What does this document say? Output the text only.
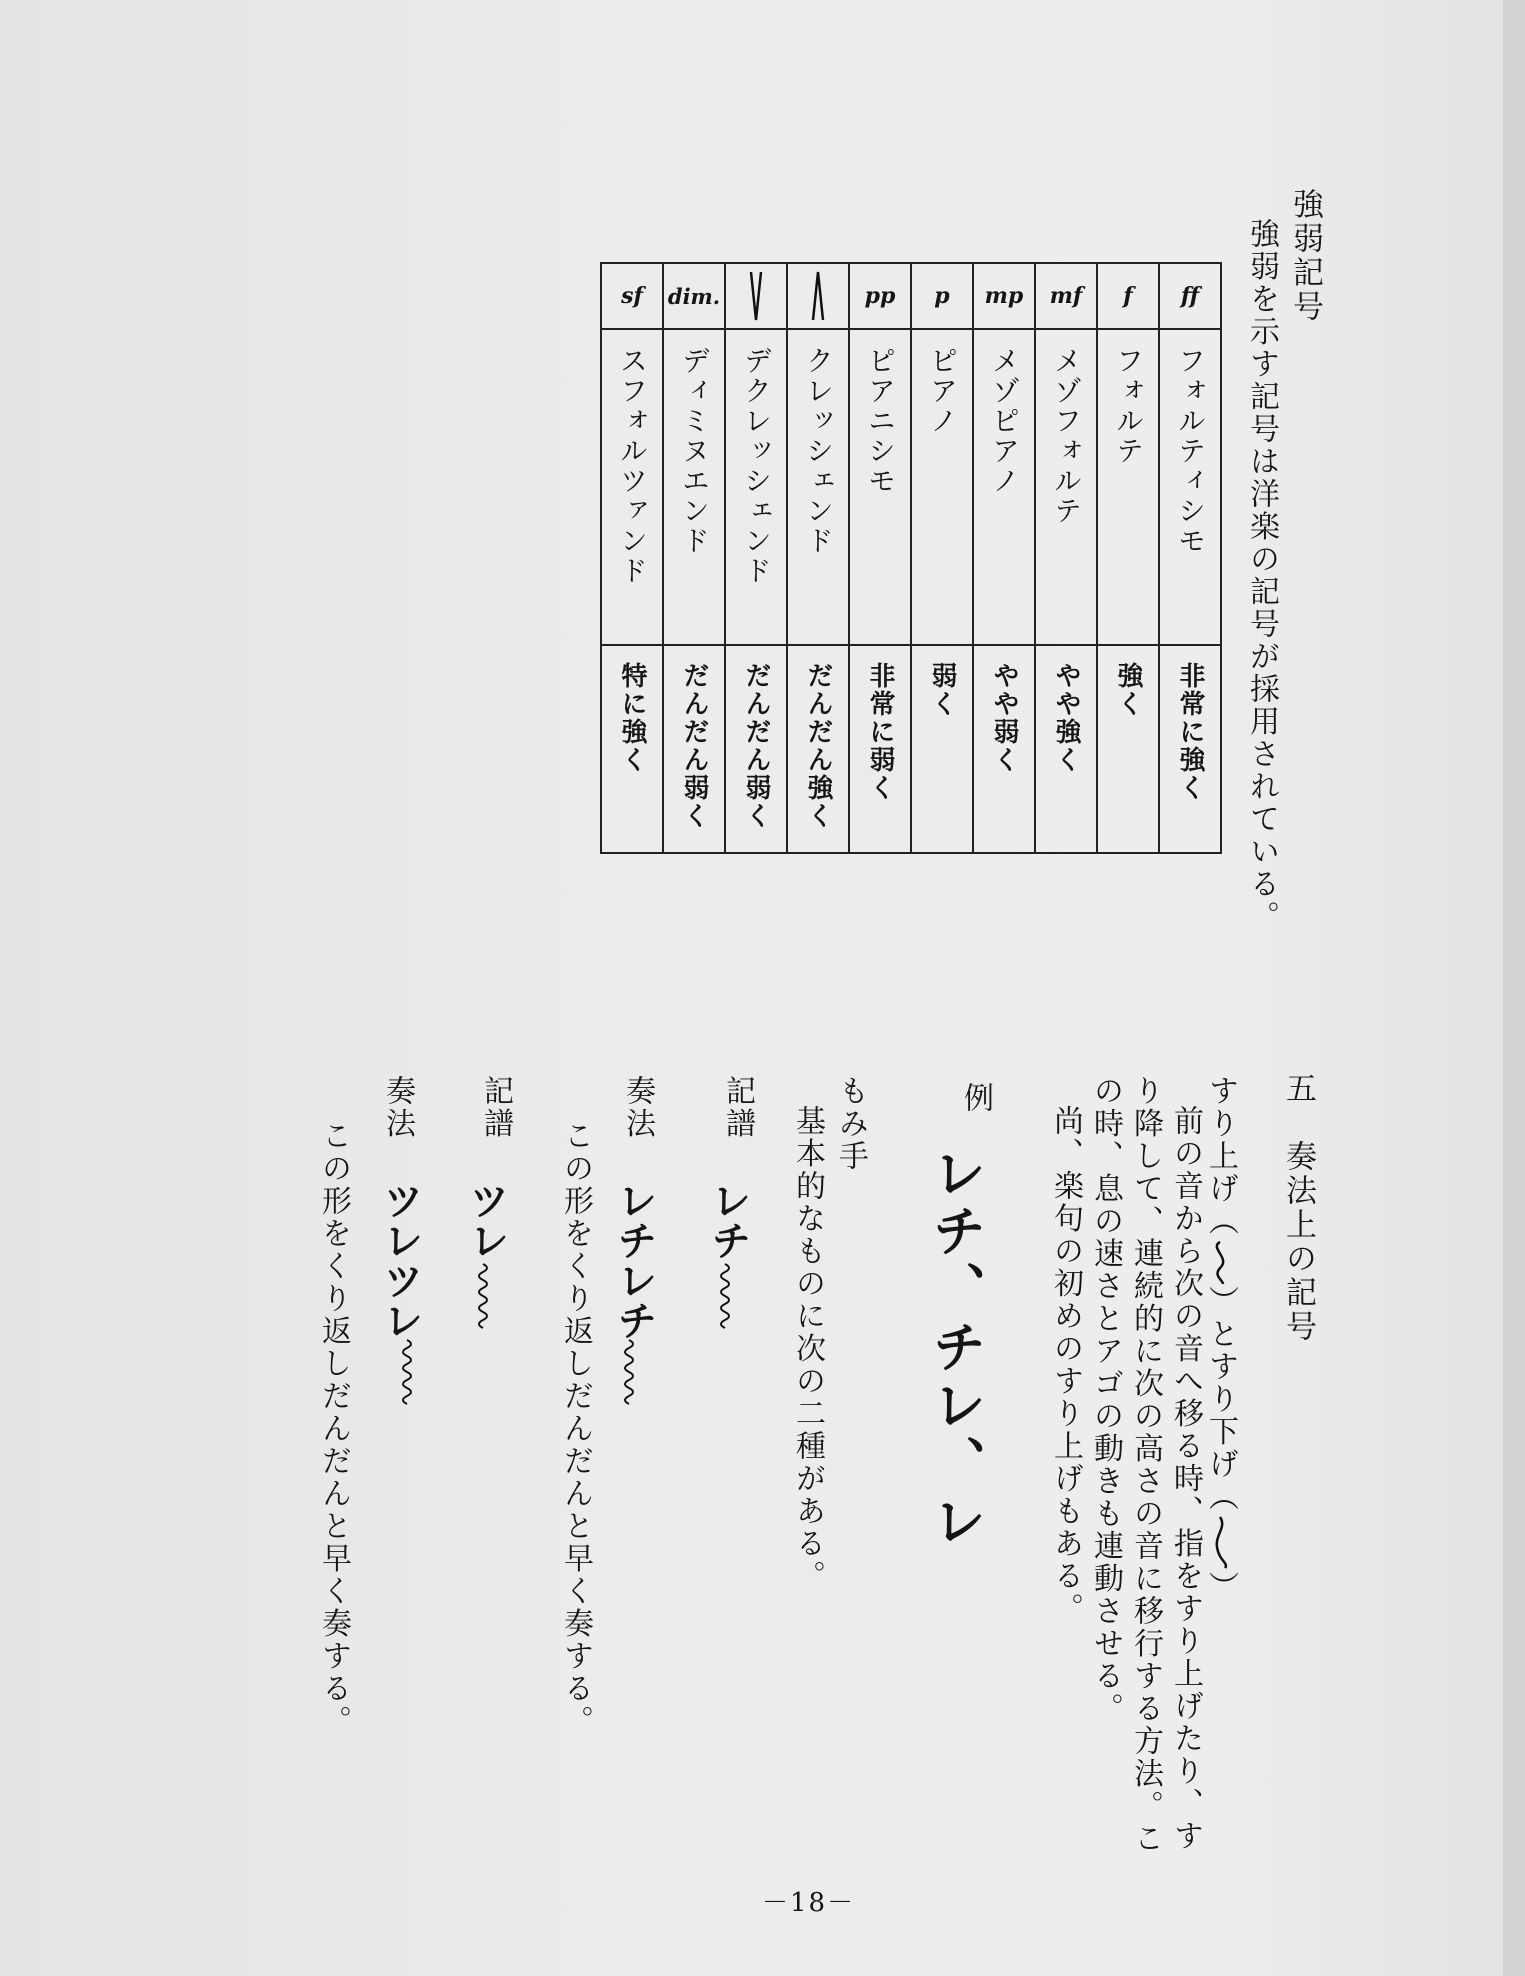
強弱記号
強弱を示す記号は洋楽の記号が採用されている。
sf	dim.			pp	p	mp	mf	f	ff
スフォルツァンド	ディミヌエンド	デクレッシェンド	クレッシェンド	ピアニシモ	ピアノ	メゾピアノ	メゾフォルテ	フォルテ	フォルティシモ
特に強く	だんだん弱く	だんだん弱く	だんだん強く	非常に弱く	弱く	やや弱く	やや強く	強く	非常に強く
五　奏法上の記号
すり上げ（）とすり下げ（）
前の音から次の音へ移る時、指をすり上げたり、す
り降して、連続的に次の高さの音に移行する方法。こ
の時、息の速さとアゴの動きも連動させる。
尚、楽句の初めのすり上げもある。
例
レチ、チレ、レ
もみ手
基本的なものに次の二種がある。
記譜
レチ
奏法
レチレチ
この形をくり返しだんだんと早く奏する。
記譜
ツレ
奏法
ツレツレ
この形をくり返しだんだんと早く奏する。
－18－
